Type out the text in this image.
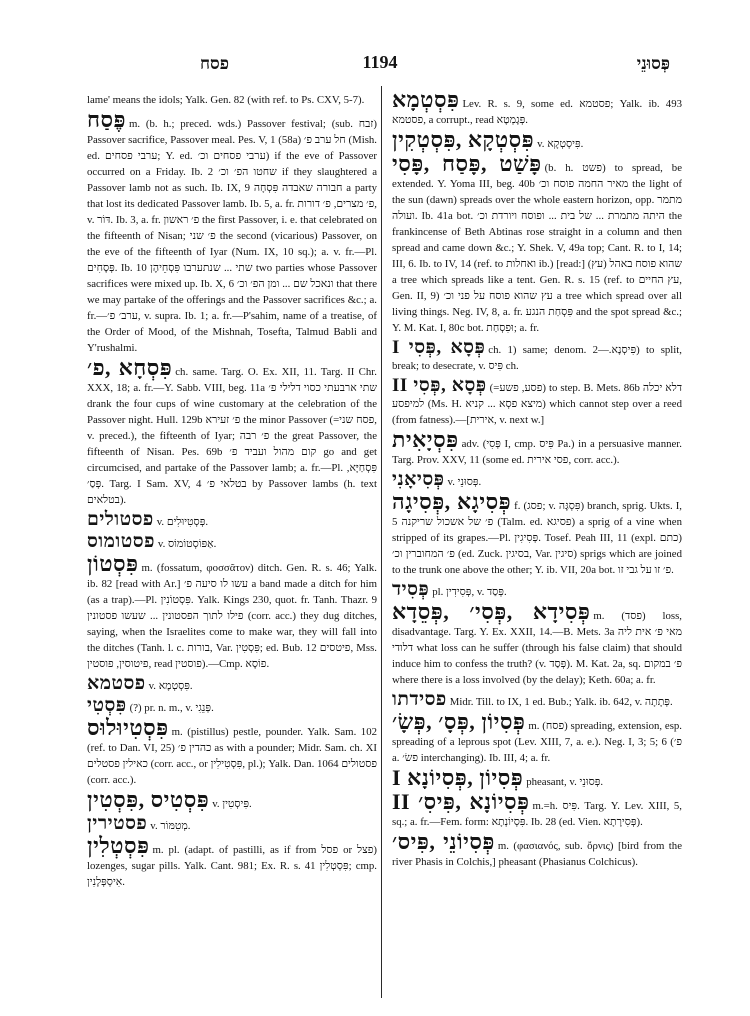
פסח	1194	פְּסוּנֵי

lame' means the idols; Yalk. Gen. 82 (with ref. to Ps. CXV, 5-7).

פֶּסַח m. (b. h.; preced. wds.) Passover festival; (sub. זבח) Passover sacrifice, Passover meal. Pes. V, 1 (58a) חל ערב פ׳ (Mish. ed. ערבי פסחים; Y. ed. ערבי פסחים וכ׳) if the eve of Passover occurred on a Friday. Ib. 2 שחטו הפ׳ וכ׳ if they slaughtered a Passover lamb not as such. Ib. IX, 9 חבורה שאבדה פִּסְחָה a party that lost its dedicated Passover lamb. Ib. 5, a. fr. פ׳ מצרים, פ׳ דורות, v. דּוֹר. Ib. 3, a. fr. פ׳ ראשון the first Passover, i. e. that celebrated on the fifteenth of Nisan; פ׳ שני the second (vicarious) Passover, on the eve of the fifteenth of Iyar (Num. IX, 10 sq.); a. v. fr.—Pl. פְּסָחִים. Ib. 10 שתי ... שנתערבו פִּסְחֵיהֶן two parties whose Passover sacrifices were mixed up. Ib. X, 6 ונאכל שם ... ומן הפ׳ וכ׳ that there we may partake of the offerings and the Passover sacrifices &c.; a. fr.—ערב׳ פ׳, v. supra. Ib. 1; a. fr.—P'sahim, name of a treatise, of the Order of Mood, of the Mishnah, Tosefta, Talmud Babli and Y'rushalmi.

פִּסְחָא ,פ׳ ch. same. Targ. O. Ex. XII, 11. Targ. II Chr. XXX, 18; a. fr.—Y. Sabb. VIII, beg. 11a שתי ארבעתי כסוי דלילי פ׳ drank the four cups of wine customary at the celebration of the Passover night. Hull. 129b פ׳ זעירא the minor Passover (=פסח שני, v. preced.), the fifteenth of Iyar; פ׳ רבה the great Passover, the fifteenth of Nisan. Pes. 69b קום מהול ועביד פ׳ go and get circumcised, and partake of the Passover lamb; a. fr.—Pl. פִּסְחַיָּא, פְּסַ׳. Targ. I Sam. XV, 4 בטלאי פ׳ by Passover lambs (h. text בטלאים).

פסטולים v. פְּסְטִיוּלִים.

פסטומוס v. אַפּוֹסְטוֹמוֹס.

פִּסְטוֹן m. (fossatum, φοσσᾶτον) ditch. Gen. R. s. 46; Yalk. ib. 82 [read with Ar.] עשו לו סיעה פ׳ a band made a ditch for him (as a trap).—Pl. פִּסְטוֹנִין. Yalk. Kings 230, quot. fr. Tanh. Thazr. 9 פילו לתוך הפסטונין ... שעשו פסטונין (corr. acc.) they dug ditches, saying, when the Israelites come to make war, they will fall into the ditches (Tanh. l. c. בורות, Var. פִּסְטִין; ed. Bub. 12 פיטסים, Mss. פיטוסין, פוסטין, read פוסטין).—Cmp. פוֹסָא.

פסטמא v. פִּסְטְמָא.

פִּסְטִי (?) pr. n. m., v. פְּנֵגִי.

פִּסְטִיוּלוּס m. (pistillus) pestle, pounder. Yalk. Sam. 102 (ref. to Dan. VI, 25) כהדין פ׳ as with a pounder; Midr. Sam. ch. XI כאילין פסטלים (corr. acc., or פִּסְטִילִין, pl.); Yalk. Dan. 1064 פסטולים (corr. acc.).

פִּסְטִיס ,פִּסְטִין v. פִּיסְטִין.

פסטירין v. מְטִמּוֹר.

פִּסְטְלִין m. pl. (adapt. of pastilli, as if from פסל or פצל) lozenges, sugar pills. Yalk. Cant. 981; Ex. R. s. 41 פִּסְטְלִין; cmp. אִיסְפְּלָנִין.

פִּסְטְמָא Lev. R. s. 9, some ed. פסטמא; Yalk. ib. 493 פסטמא, a corrupt., read פְּגָמְטָא.

פִּסְטְקָא ,פִּסְטְקִין v. פִּיסְטְקָא.

פָּשַׁט ,פָּסַח ,פָּסִי (b. h. פשט) to spread, be extended. Y. Yoma III, beg. 40b מאיר החמה פוסח וכ׳ the light of the sun (dawn) spreads over the whole eastern horizon, opp. מתמר ועולה. Ib. 41a bot. היתה מתמרת ... של בית ... ופוסח ויורדת וכ׳ the frankincense of Beth Abtinas rose straight in a column and then spread and came down &c.; Y. Shek. V, 49a top; Cant. R. to I, 14; III, 6. Ib. to IV, 14 (ref. to ואחלות ib.) [read:] (עץ) שהוא פוסח באהל a tree which spreads like a tent. Gen. R. s. 15 (ref. to עץ החיים, Gen. II, 9) עץ שהוא פוסח על פני וכ׳ a tree which spread over all living things. Neg. IV, 8, a. fr. פִּסְחַת הנגע and the spot spread &c.; Y. M. Kat. I, 80c bot. וּפִסְחַת; a. fr.

פְּסָא ,פְּסִי I ch. 1) same; denom. פִּיסְנָא.—2) to split, break; to desecrate, v. פִּיס ch.

פְּסָא ,פְּסִי II (=פסע, פשע) to step. B. Mets. 86b דלא יכלה למיפסע (Ms. H. מיצא פסְא ... קניא) which cannot step over a reed (from fatness).—[אירית, v. next w.]

פִּסְיָאִית adv. (פְּסִי I, cmp. פִּיס Pa.) in a persuasive manner. Targ. Prov. XXV, 11 (some ed. פסי אירית, corr. acc.).

פְּסִיאָנִי v. פְּסוּנֵי.

פְּסִיגָא ,פְּסִיגָה f. (פסג; v. פִּסְגָּה) branch, sprig. Ukts. I, 5 פ׳ של אשכול שריקנה (Talm. ed. פסיגא) a sprig of a vine when stripped of its grapes.—Pl. פְּסִיגִין. Tosef. Peah III, 11 (expl. כתם) פ׳ המחוברין וכ׳ (ed. Zuck. בסיגין, Var. סיגין) sprigs which are joined to the trunk one above the other; Y. ib. VII, 20a bot. פ׳ זו על גבי זו.

פְּסִיד pl. פְּסִידִין, v. פְּסַד.

פְּסִידָא ,פְּסִי׳ ,פְּסֵדָא m. (פסד) loss, disadvantage. Targ. Y. Ex. XXII, 14.—B. Mets. 3a מאי פ׳ אית ליה דלודי what loss can he suffer (through his false claim) that should induce him to confess the truth? (v. פְּסַד). M. Kat. 2a, sq. פ׳ במקום where there is a loss involved (by the delay); Keth. 60a; a. fr.

פסידתו Midr. Till. to IX, 1 ed. Bub.; Yalk. ib. 642, v. פְּתָתָה.

פְּסִיוֹן ,פְּסָ׳ ,פְּשָׂ׳ m. (פסח) spreading, extension, esp. spreading of a leprous spot (Lev. XIII, 7, a. e.). Neg. I, 3; 5; 6 (פ׳ a. פשׂ׳ interchanging). Ib. III, 4; a. fr.

פְּסִיוֹן ,פְּסִיוֹנָא I pheasant, v. פְּסוּנֵי.

פְּסִיוֹנָא ,פִּיסִ׳ II m.=h. פִּיס. Targ. Y. Lev. XIII, 5, sq.; a. fr.—Fem. form: פִּסְיוֹנְתָא. Ib. 28 (ed. Vien. פְּסִירָתָא).

פְּסִיוֹנֵי ,פִּיס׳ m. (φασιανός, sub. ὄρνις) [bird from the river Phasis in Colchis,] pheasant (Phasianus Colchicus).
